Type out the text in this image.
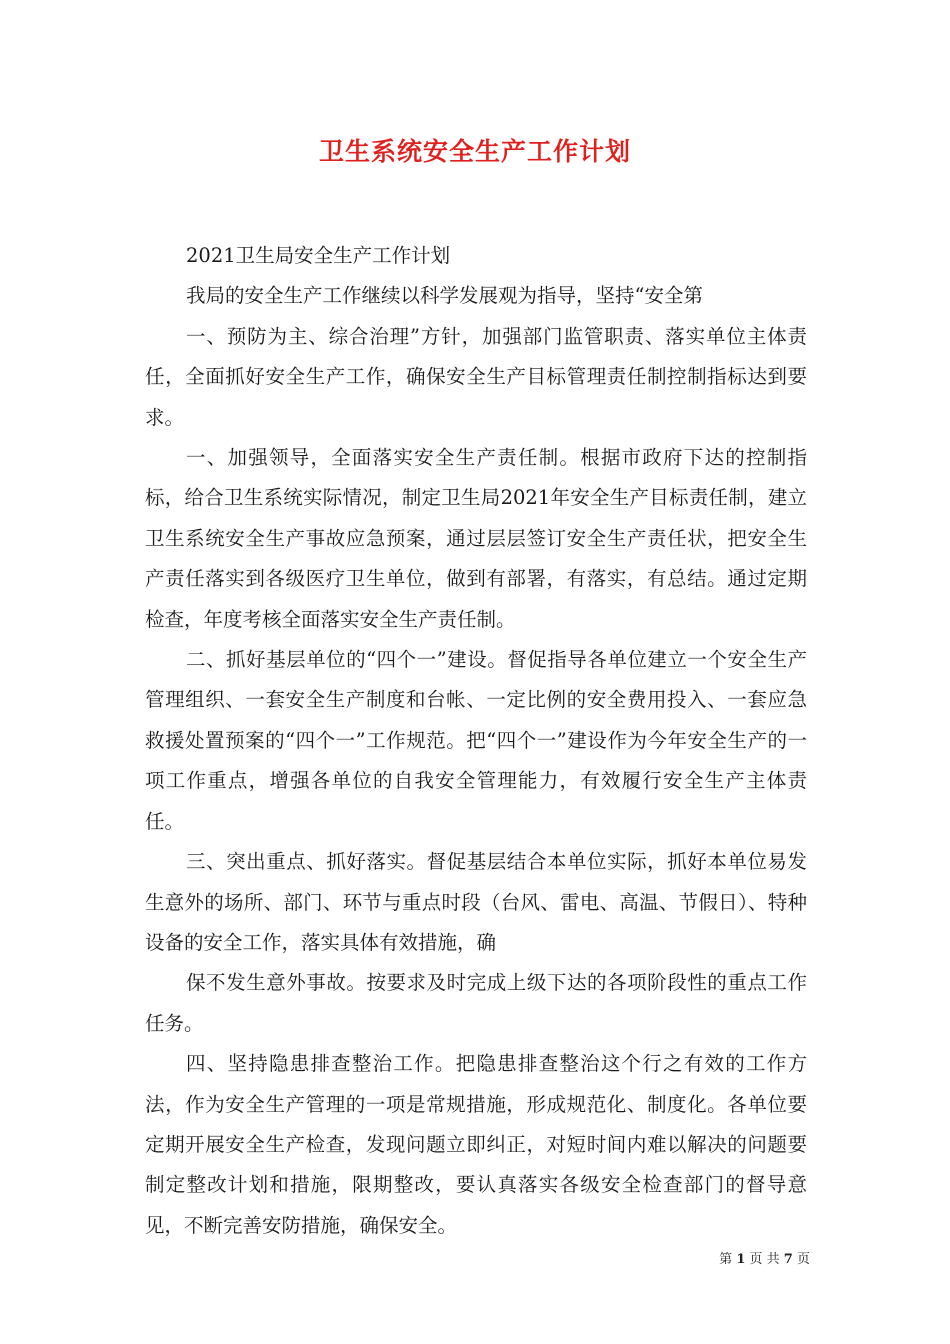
卫生系统安全生产工作计划

2021卫生局安全生产工作计划

我局的安全生产工作继续以科学发展观为指导，坚持“安全第

一、预防为主、综合治理”方针，加强部门监管职责、落实单位主体责任，全面抓好安全生产工作，确保安全生产目标管理责任制控制指标达到要求。

一、加强领导，全面落实安全生产责任制。根据市政府下达的控制指标，给合卫生系统实际情况，制定卫生局2021年安全生产目标责任制，建立卫生系统安全生产事故应急预案，通过层层签订安全生产责任状，把安全生产责任落实到各级医疗卫生单位，做到有部署，有落实，有总结。通过定期检查，年度考核全面落实安全生产责任制。

二、抓好基层单位的“四个一”建设。督促指导各单位建立一个安全生产管理组织、一套安全生产制度和台帐、一定比例的安全费用投入、一套应急救援处置预案的“四个一”工作规范。把“四个一”建设作为今年安全生产的一项工作重点，增强各单位的自我安全管理能力，有效履行安全生产主体责任。

三、突出重点、抓好落实。督促基层结合本单位实际，抓好本单位易发生意外的场所、部门、环节与重点时段（台风、雷电、高温、节假日）、特种设备的安全工作，落实具体有效措施，确

保不发生意外事故。按要求及时完成上级下达的各项阶段性的重点工作任务。

四、坚持隐患排查整治工作。把隐患排查整治这个行之有效的工作方法，作为安全生产管理的一项是常规措施，形成规范化、制度化。各单位要定期开展安全生产检查，发现问题立即纠正，对短时间内难以解决的问题要制定整改计划和措施，限期整改，要认真落实各级安全检查部门的督导意见，不断完善安防措施，确保安全。

第 1 页 共 7 页
